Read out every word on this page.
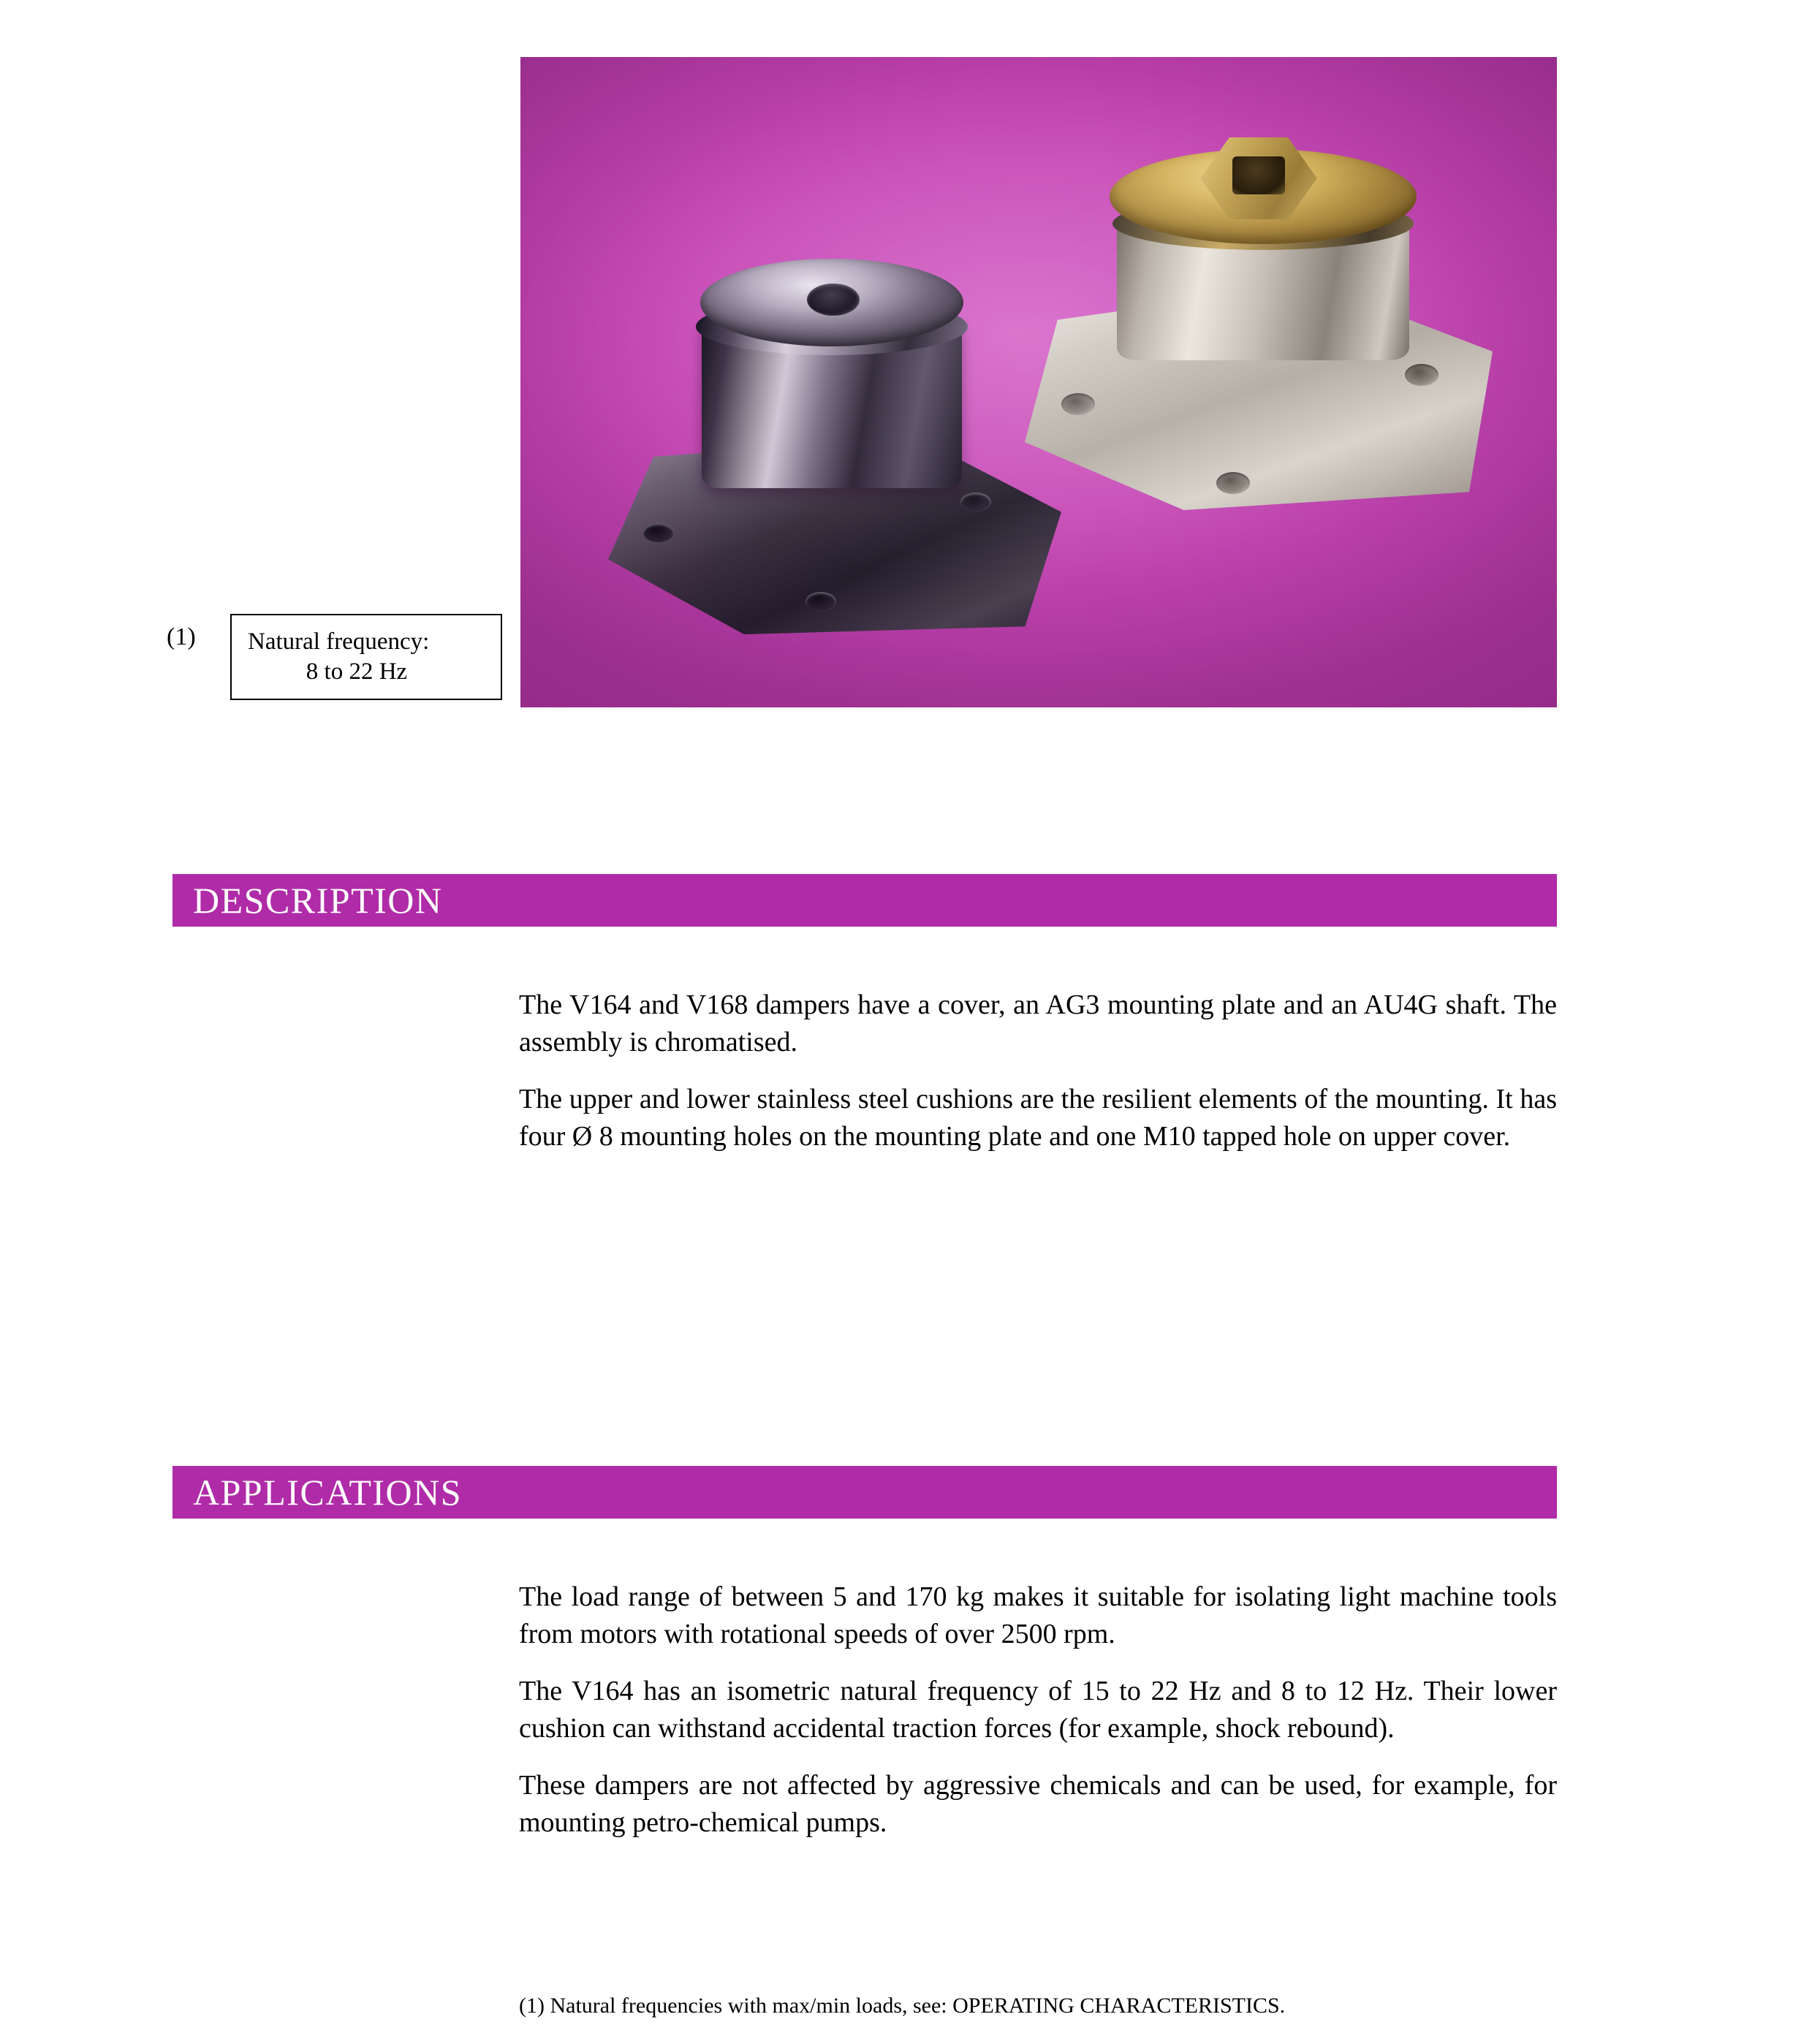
(1)	Natural frequency:
8 to 22 Hz
DESCRIPTION

The V164 and V168 dampers have a cover, an AG3 mounting plate and an AU4G shaft. The assembly is chromatised.

The upper and lower stainless steel cushions are the resilient elements of the mounting. It has four Ø 8 mounting holes on the mounting plate and one M10 tapped hole on upper cover.

APPLICATIONS

The load range of between 5 and 170 kg makes it suitable for isolating light machine tools from motors with rotational speeds of over 2500 rpm.

The V164 has an isometric natural frequency of 15 to 22 Hz and 8 to 12 Hz. Their lower cushion can withstand accidental traction forces (for example, shock rebound).

These dampers are not affected by aggressive chemicals and can be used, for example, for mounting petro-chemical pumps.

(1) Natural frequencies with max/min loads, see: OPERATING CHARACTERISTICS.
